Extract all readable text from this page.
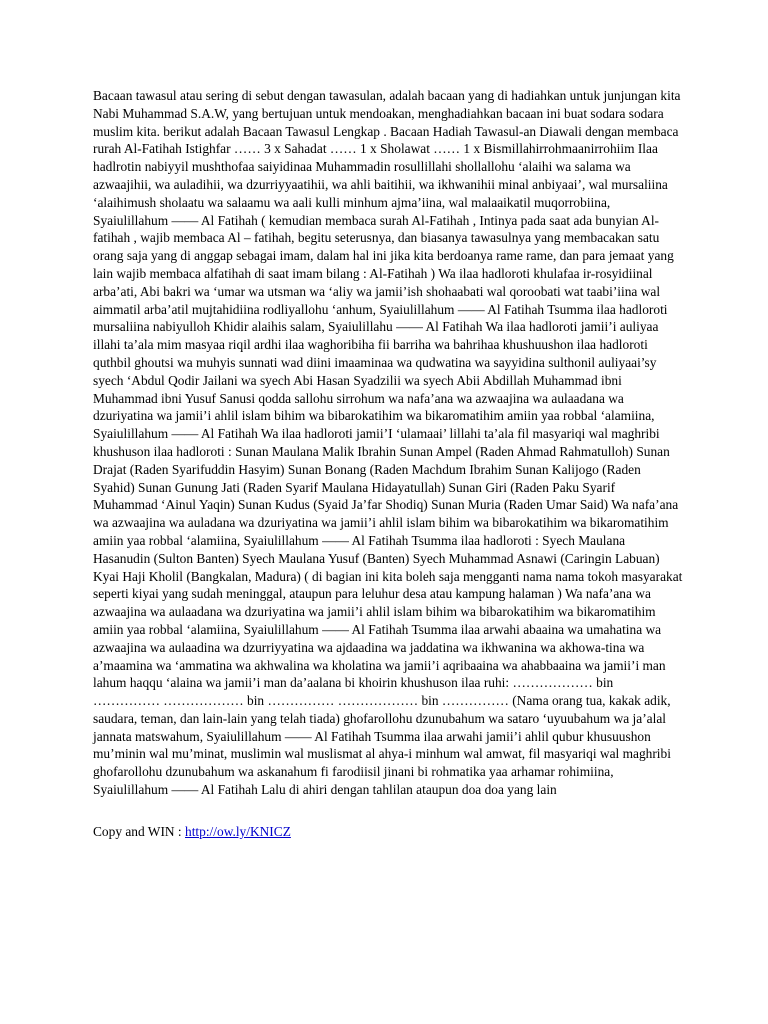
Bacaan tawasul atau sering di sebut dengan tawasulan, adalah bacaan yang di hadiahkan untuk junjungan kita Nabi Muhammad S.A.W, yang bertujuan untuk mendoakan, menghadiahkan bacaan ini buat sodara sodara muslim kita. berikut adalah Bacaan Tawasul Lengkap . Bacaan Hadiah Tawasul-an Diawali dengan membaca rurah Al-Fatihah Istighfar …… 3 x Sahadat …… 1 x Sholawat …… 1 x Bismillahirrohmaanirrohiim Ilaa hadlrotin nabiyyil mushthofaa saiyidinaa Muhammadin rosullillahi shollallohu ‘alaihi wa salama wa azwaajihii, wa auladihii, wa dzurriyyaatihii, wa ahli baitihii, wa ikhwanihii minal anbiyaai’, wal mursaliina ‘alaihimush sholaatu wa salaamu wa aali kulli minhum ajma’iina, wal malaaikatil muqorrobiina, Syaiulillahum —— Al Fatihah ( kemudian membaca surah Al-Fatihah , Intinya pada saat ada bunyian Al-fatihah , wajib membaca Al – fatihah, begitu seterusnya, dan biasanya tawasulnya yang membacakan satu orang saja yang di anggap sebagai imam, dalam hal ini jika kita berdoanya rame rame, dan para jemaat yang lain wajib membaca alfatihah di saat imam bilang : Al-Fatihah ) Wa ilaa hadloroti khulafaa ir-rosyidiinal arba’ati, Abi bakri wa ‘umar wa utsman wa ‘aliy wa jamii’ish shohaabati wal qoroobati wat taabi’iina wal aimmatil arba’atil mujtahidiina rodliyallohu ‘anhum, Syaiulillahum —— Al Fatihah Tsumma ilaa hadloroti mursaliina nabiyulloh Khidir alaihis salam, Syaiulillahu —— Al Fatihah Wa ilaa hadloroti jamii’i auliyaa illahi ta’ala mim masyaa riqil ardhi ilaa waghoribiha fii barriha wa bahrihaa khushuushon ilaa hadloroti quthbil ghoutsi wa muhyis sunnati wad diini imaaminaa wa qudwatina wa sayyidina sulthonil auliyaai’sy syech ‘Abdul Qodir Jailani wa syech Abi Hasan Syadzilii wa syech Abii Abdillah Muhammad ibni Muhammad ibni Yusuf Sanusi qodda sallohu sirrohum wa nafa’ana wa azwaajina wa aulaadana wa dzuriyatina wa jamii’i ahlil islam bihim wa bibarokatihim wa bikaromatihim amiin yaa robbal ‘alamiina, Syaiulillahum —— Al Fatihah Wa ilaa hadloroti jamii’I ‘ulamaai’ lillahi ta’ala fil masyariqi wal maghribi khushuson ilaa hadloroti : Sunan Maulana Malik Ibrahin Sunan Ampel (Raden Ahmad Rahmatulloh) Sunan Drajat (Raden Syarifuddin Hasyim) Sunan Bonang (Raden Machdum Ibrahim Sunan Kalijogo (Raden Syahid) Sunan Gunung Jati (Raden Syarif Maulana Hidayatullah) Sunan Giri (Raden Paku Syarif Muhammad ‘Ainul Yaqin) Sunan Kudus (Syaid Ja’far Shodiq) Sunan Muria (Raden Umar Said) Wa nafa’ana wa azwaajina wa auladana wa dzuriyatina wa jamii’i ahlil islam bihim wa bibarokatihim wa bikaromatihim amiin yaa robbal ‘alamiina, Syaiulillahum —— Al Fatihah Tsumma ilaa hadloroti : Syech Maulana Hasanudin (Sulton Banten) Syech Maulana Yusuf (Banten) Syech Muhammad Asnawi (Caringin Labuan) Kyai Haji Kholil (Bangkalan, Madura) ( di bagian ini kita boleh saja mengganti nama nama tokoh masyarakat seperti kiyai yang sudah meninggal, ataupun para leluhur desa atau kampung halaman ) Wa nafa’ana wa azwaajina wa aulaadana wa dzuriyatina wa jamii’i ahlil islam bihim wa bibarokatihim wa bikaromatihim amiin yaa robbal ‘alamiina, Syaiulillahum —— Al Fatihah Tsumma ilaa arwahi abaaina wa umahatina wa azwaajina wa aulaadina wa dzurriyyatina wa ajdaadina wa jaddatina wa ikhwanina wa akhowa-tina wa a’maamina wa ‘ammatina wa akhwalina wa kholatina wa jamii’i aqribaaina wa ahabbaaina wa jamii’i man lahum haqqu ‘alaina wa jamii’i man da’aalana bi khoirin khushuson ilaa ruhi: ……………… bin …………… ……………… bin …………… ……………… bin …………… (Nama orang tua, kakak adik, saudara, teman, dan lain-lain yang telah tiada) ghofarollohu dzunubahum wa sataro ‘uyuubahum wa ja’alal jannata matswahum, Syaiulillahum —— Al Fatihah Tsumma ilaa arwahi jamii’i ahlil qubur khusuushon mu’minin wal mu’minat, muslimin wal muslismat al ahya-i minhum wal amwat, fil masyariqi wal maghribi ghofarollohu dzunubahum wa askanahum fi farodiisil jinani bi rohmatika yaa arhamar rohimiina, Syaiulillahum —— Al Fatihah Lalu di ahiri dengan tahlilan ataupun doa doa yang lain

Copy and WIN : http://ow.ly/KNICZ
